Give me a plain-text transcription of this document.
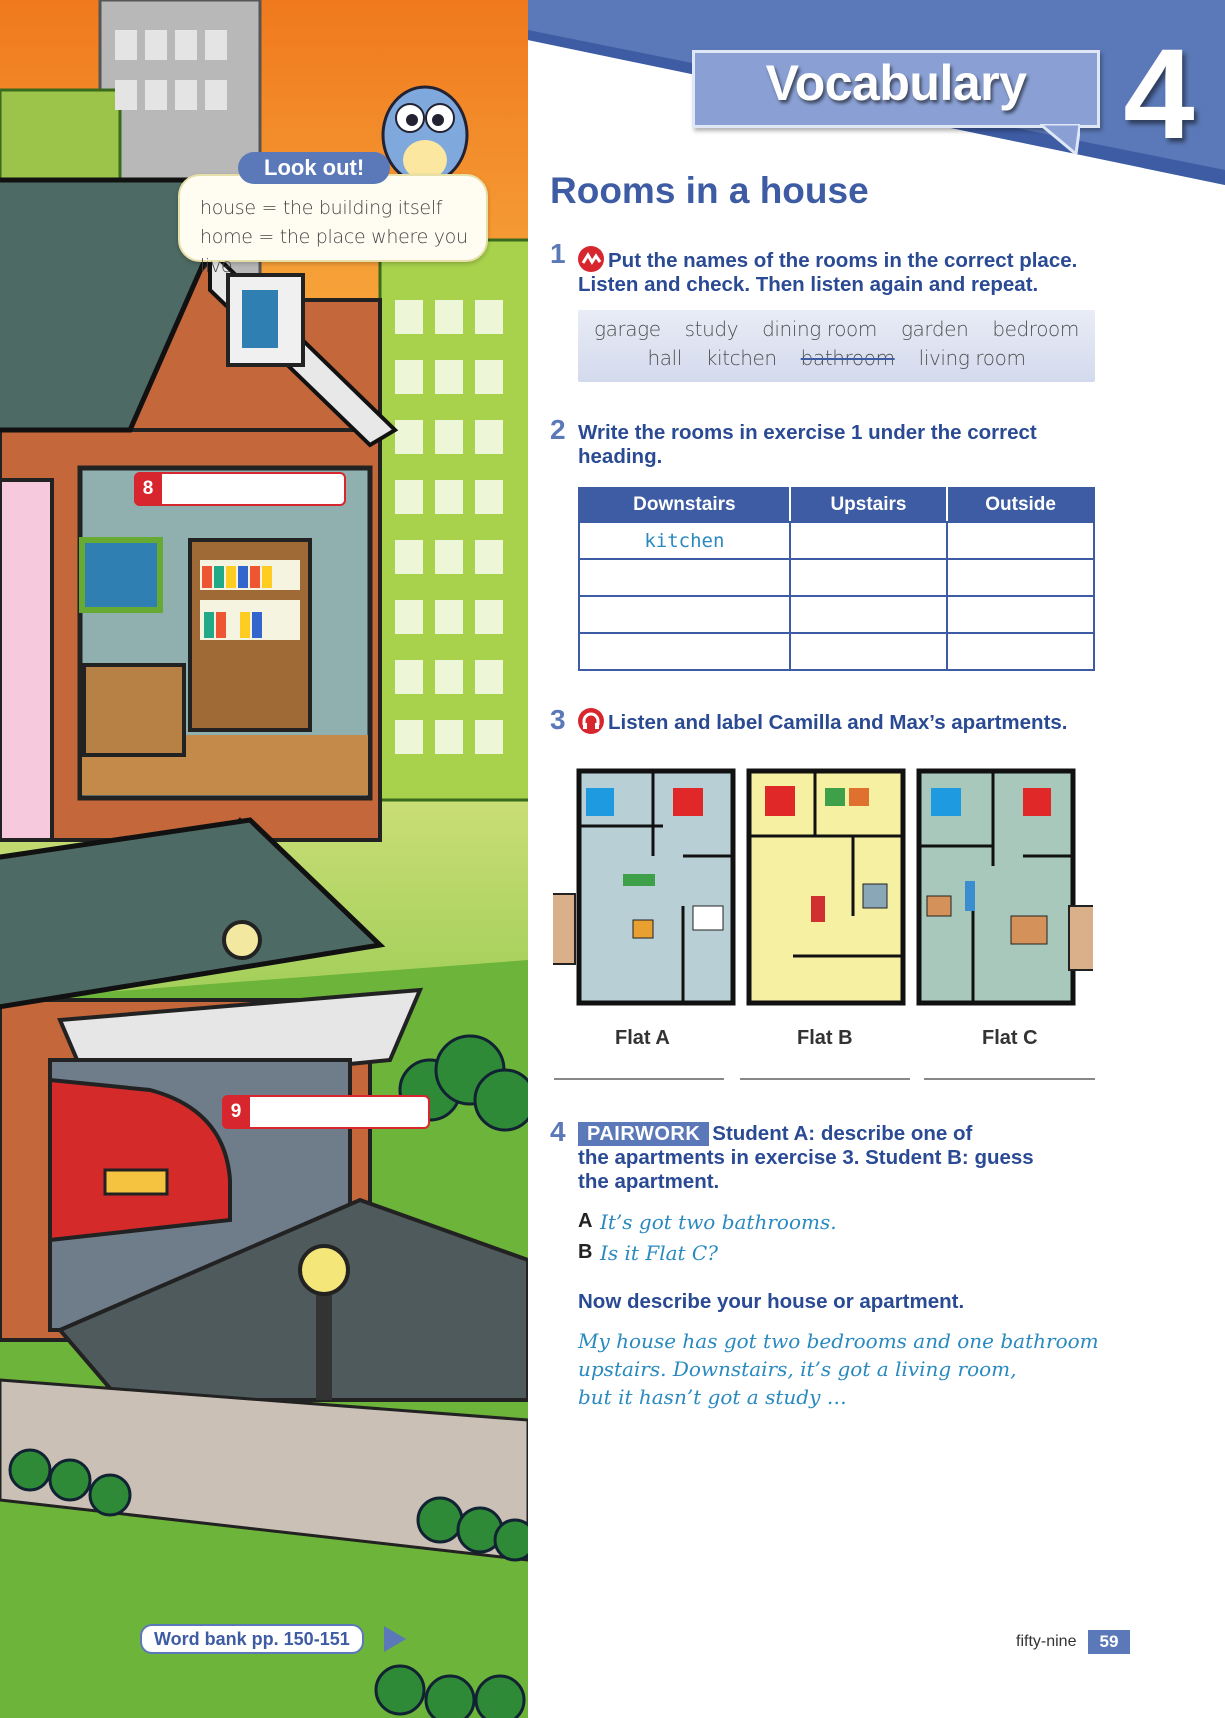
house = the building itself
home = the place where you live
Look out!
8
9
Word bank pp. 150-151
Vocabulary 4
Rooms in a house
1	Put the names of the rooms in the correct place.
Listen and check. Then listen again and repeat.
garage study dining room garden bedroom
hall kitchen bathroom living room
2 Write the rooms in exercise 1 under the correct
heading.
Downstairs	Upstairs	Outside
kitchen		

3	Listen and label Camilla and Max’s apartments.
Flat A	Flat B	Flat C
4	PAIRWORK Student A: describe one of
the apartments in exercise 3. Student B: guess
the apartment.
A It’s got two bathrooms.
B Is it Flat C?
Now describe your house or apartment.
My house has got two bedrooms and one bathroom
upstairs. Downstairs, it’s got a living room,
but it hasn’t got a study …
fifty-nine	59
